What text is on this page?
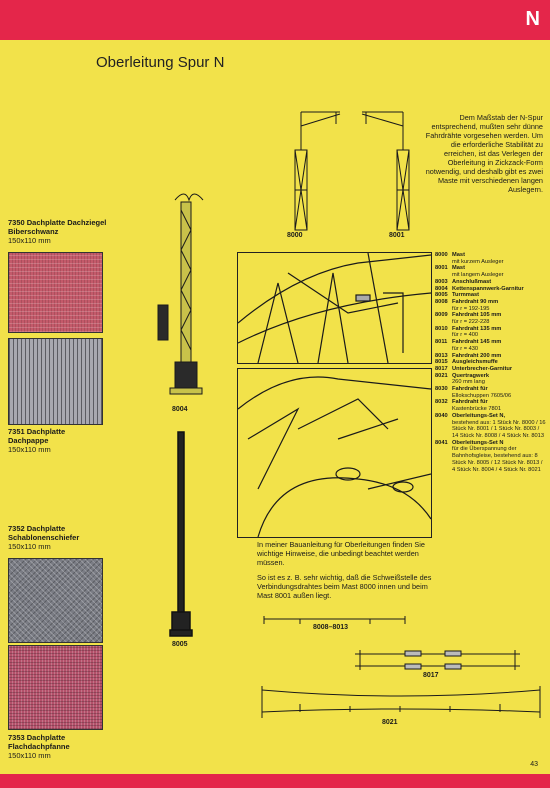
N
Oberleitung Spur N
Dem Maßstab der N-Spur entsprechend, mußten sehr dünne Fahrdrähte vorgesehen werden. Um die erforderliche Stabilität zu erreichen, ist das Verlegen der Oberleitung in Zickzack-Form notwendig, und deshalb gibt es zwei Maste mit verschiedenen langen Auslegern.
8000	8001
8004
8005
8008–8013
8017
8021
7350 Dachplatte Dachziegel Biberschwanz
150x110 mm
7351 Dachplatte Dachpappe
150x110 mm
7352 Dachplatte Schablonenschiefer
150x110 mm
7353 Dachplatte Flachdachpfanne
150x110 mm
8000 Mast
mit kurzem Ausleger
8001 Mast
mit langem Ausleger
8003 Anschlußmast
8004 Kettenspannwerk-Garnitur
8005 Turmmast
8008 Fahrdraht 90 mm
für r = 192-195
8009 Fahrdraht 105 mm
für r = 222-228
8010 Fahrdraht 135 mm
für r = 400
8011 Fahrdraht 145 mm
für r = 430
8013 Fahrdraht 200 mm
8015 Ausgleichsmuffe
8017 Unterbrecher-Garnitur
8021 Quertragwerk
260 mm lang
8030 Fahrdraht für
Ellokschuppen 7605/06
8032 Fahrdraht für
Kastenbrücke 7801
8040 Oberleitungs-Set N,
bestehend aus: 1 Stück Nr. 8000 / 16 Stück Nr. 8001 / 1 Stück Nr. 8003 / 14 Stück Nr. 8008 / 4 Stück Nr. 8013
8041 Oberleitungs-Set N
für die Überspannung der Bahnhofsgleise, bestehend aus: 8 Stück Nr. 8005 / 12 Stück Nr. 8013 / 4 Stück Nr. 8004 / 4 Stück Nr. 8021

In meiner Bauanleitung für Oberleitungen finden Sie wichtige Hinweise, die unbedingt beachtet werden müssen.

So ist es z. B. sehr wichtig, daß die Schweißstelle des Verbindungsdrahtes beim Mast 8000 innen und beim Mast 8001 außen liegt.

43
